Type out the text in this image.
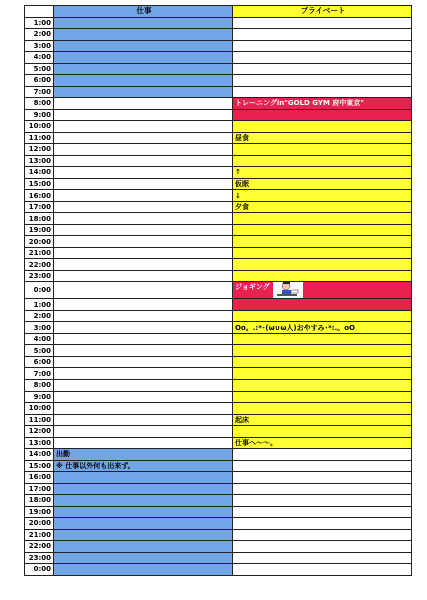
	仕事	プライベート
1:00		
2:00		
3:00		
4:00		
5:00		
6:00		
7:00		
8:00		トレーニングin"GOLD GYM 府中東京"
9:00		
10:00		
11:00		昼食
12:00		
13:00		
14:00		↑
15:00		仮眠
16:00		↓
17:00		夕食
18:00		
19:00		
20:00		
21:00		
22:00		
23:00		
0:00		ジョギング
1:00		
2:00		
3:00		Oo。.:*･(ω∪ω人)おやすみ･*:.。oO
4:00		
5:00		
6:00		
7:00		
8:00		
9:00		
10:00		
11:00		起床
12:00		
13:00		仕事へ～～。
14:00	出勤	
15:00	※ 仕事以外何も出来ず。	
16:00		
17:00		
18:00		
19:00		
20:00		
21:00		
22:00		
23:00		
0:00		
